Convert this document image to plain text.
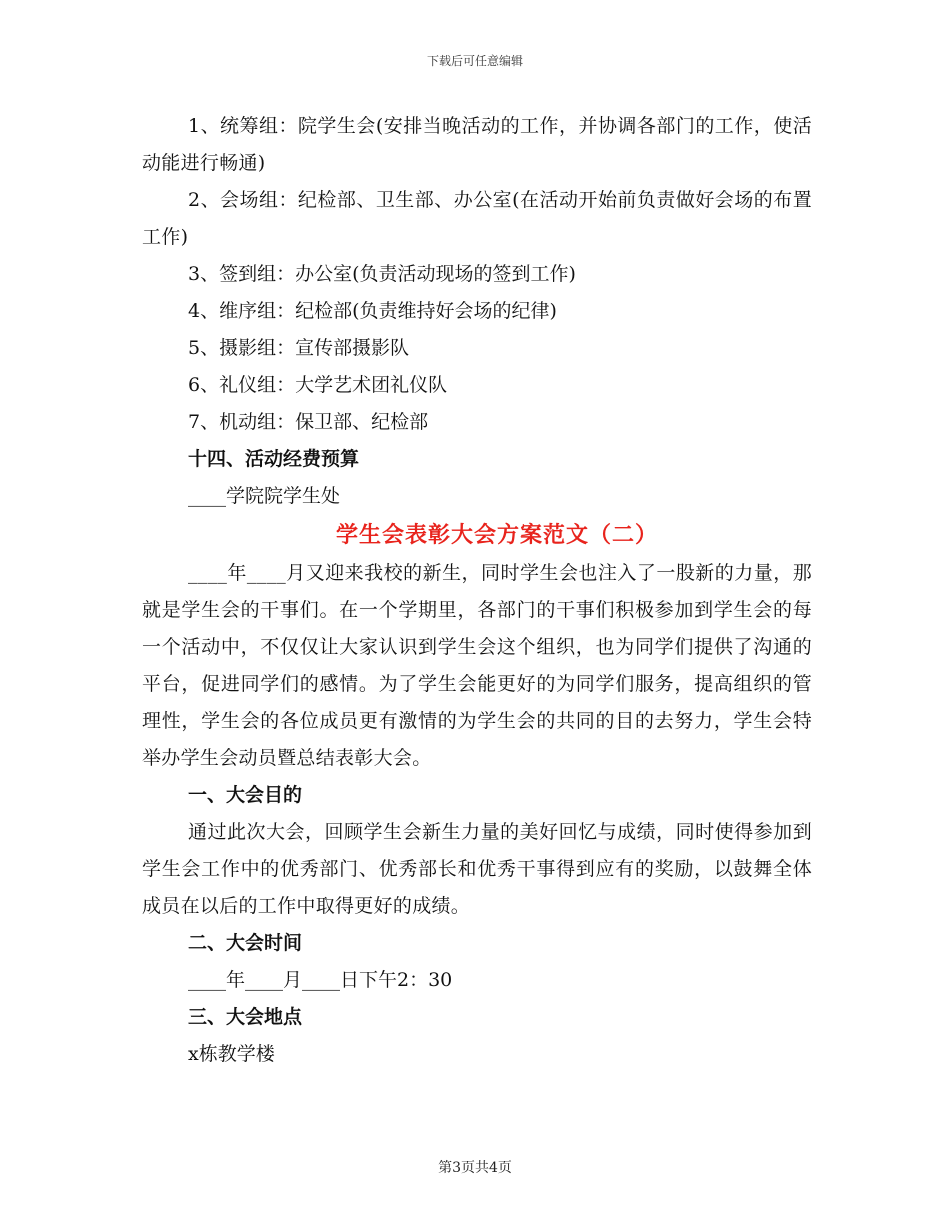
下载后可任意编辑
1、统筹组：院学生会(安排当晚活动的工作，并协调各部门的工作，使活动能进行畅通)
2、会场组：纪检部、卫生部、办公室(在活动开始前负责做好会场的布置工作)
3、签到组：办公室(负责活动现场的签到工作)
4、维序组：纪检部(负责维持好会场的纪律)
5、摄影组：宣传部摄影队
6、礼仪组：大学艺术团礼仪队
7、机动组：保卫部、纪检部
十四、活动经费预算
____学院院学生处
学生会表彰大会方案范文（二）
____年____月又迎来我校的新生，同时学生会也注入了一股新的力量，那就是学生会的干事们。在一个学期里，各部门的干事们积极参加到学生会的每一个活动中，不仅仅让大家认识到学生会这个组织，也为同学们提供了沟通的平台，促进同学们的感情。为了学生会能更好的为同学们服务，提高组织的管理性，学生会的各位成员更有激情的为学生会的共同的目的去努力，学生会特举办学生会动员暨总结表彰大会。
一、大会目的
通过此次大会，回顾学生会新生力量的美好回忆与成绩，同时使得参加到学生会工作中的优秀部门、优秀部长和优秀干事得到应有的奖励，以鼓舞全体成员在以后的工作中取得更好的成绩。
二、大会时间
____年____月____日下午2：30
三、大会地点
x栋教学楼
第3页共4页
